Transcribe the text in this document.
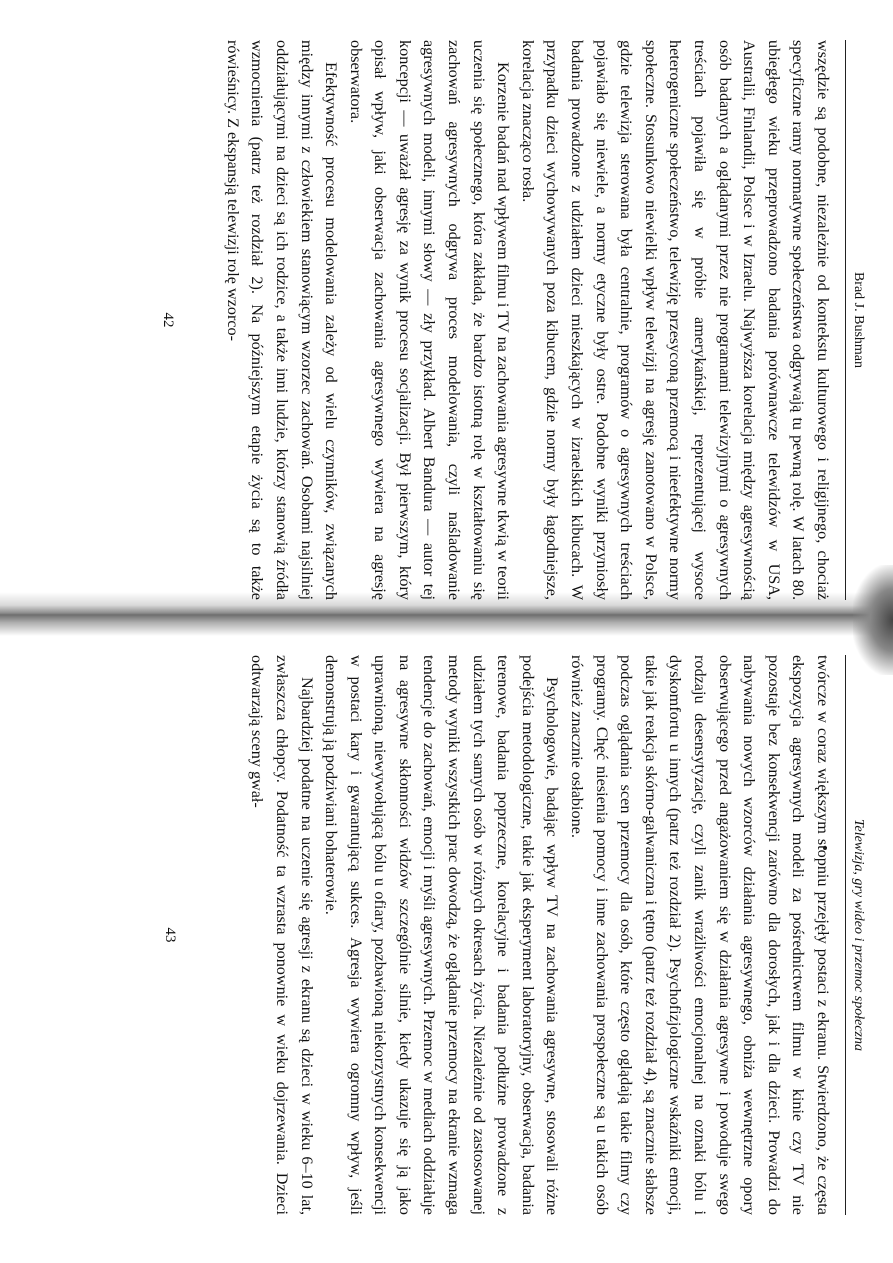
Brad J. Bushman

wszędzie są podobne, niezależnie od kontekstu kulturowego i religijnego, chociaż specyficzne ramy normatywne społeczeństwa odgrywają tu pewną rolę. W latach 80. ubiegłego wieku przeprowadzono badania porównawcze telewidzów w USA, Australii, Finlandii, Polsce i w Izraelu. Najwyższa korelacja między agresywnością osób badanych a oglądanymi przez nie programami telewizyjnymi o agresywnych treściach pojawiła się w próbie amerykańskiej, reprezentującej wysoce heterogeniczne społeczeństwo, telewizję przesyconą przemocą i nieefektywne normy społeczne. Stosunkowo niewielki wpływ telewizji na agresję zanotowano w Polsce, gdzie telewizja sterowana była centralnie, programów o agresywnych treściach pojawiało się niewiele, a normy etyczne były ostre. Podobne wyniki przyniosły badania prowadzone z udziałem dzieci mieszkających w izraelskich kibucach. W przypadku dzieci wychowywanych poza kibucem, gdzie normy były łagodniejsze, korelacja znacząco rosła.

Korzenie badań nad wpływem filmu i TV na zachowania agresywne tkwią w teorii uczenia się społecznego, która zakłada, że bardzo istotną rolę w kształtowaniu się zachowań agresywnych odgrywa proces modelowania, czyli naśladowanie agresywnych modeli, innymi słowy — zły przykład. Albert Bandura — autor tej koncepcji — uważał agresję za wynik procesu socjalizacji. Był pierwszym, który opisał wpływ, jaki obserwacja zachowania agresywnego wywiera na agresję obserwatora.

Efektywność procesu modelowania zależy od wielu czynników, związanych między innymi z człowiekiem stanowiącym wzorzec zachowań. Osobami najsilniej oddziałującymi na dzieci są ich rodzice, a także inni ludzie, którzy stanowią źródła wzmocnienia (patrz też rozdział 2). Na późniejszym etapie życia są to także rówieśnicy. Z ekspansją telewizji rolę wzorco-

42
Telewizja, gry wideo i przemoc społeczna

twórcze w coraz większym stopniu przejęły postaci z ekranu. Stwierdzono, że częsta ekspozycja agresywnych modeli za pośrednictwem filmu w kinie czy TV nie pozostaje bez konsekwencji zarówno dla dorosłych, jak i dla dzieci. Prowadzi do nabywania nowych wzorców działania agresywnego, obniża wewnętrzne opory obserwującego przed angażowaniem się w działania agresywne i powoduje swego rodzaju desensytyzację, czyli zanik wrażliwości emocjonalnej na oznaki bólu i dyskomfortu u innych (patrz też rozdział 2). Psychofizjologiczne wskaźniki emocji, takie jak reakcja skórno-galwaniczna i tętno (patrz też rozdział 4), są znacznie słabsze podczas oglądania scen przemocy dla osób, które często oglądają takie filmy czy programy. Chęć niesienia pomocy i inne zachowania prospołeczne są u takich osób również znacznie osłabione.

Psychologowie, badając wpływ TV na zachowania agresywne, stosowali różne podejścia metodologiczne, takie jak eksperyment laboratoryjny, obserwacja, badania terenowe, badania poprzeczne, korelacyjne i badania podłużne prowadzone z udziałem tych samych osób w różnych okresach życia. Niezależnie od zastosowanej metody wyniki wszystkich prac dowodzą, że oglądanie przemocy na ekranie wzmaga tendencje do zachowań, emocji i myśli agresywnych. Przemoc w mediach oddziałuje na agresywne skłonności widzów szczególnie silnie, kiedy ukazuje się ją jako uprawnioną, niewywołującą bólu u ofiary, pozbawioną niekorzystnych konsekwencji w postaci kary i gwarantującą sukces. Agresja wywiera ogromny wpływ, jeśli demonstrują ją podziwiani bohaterowie.

Najbardziej podatne na uczenie się agresji z ekranu są dzieci w wieku 6–10 lat, zwłaszcza chłopcy. Podatność ta wzrasta ponownie w wieku dojrzewania. Dzieci odtwarzają sceny gwał-

43
